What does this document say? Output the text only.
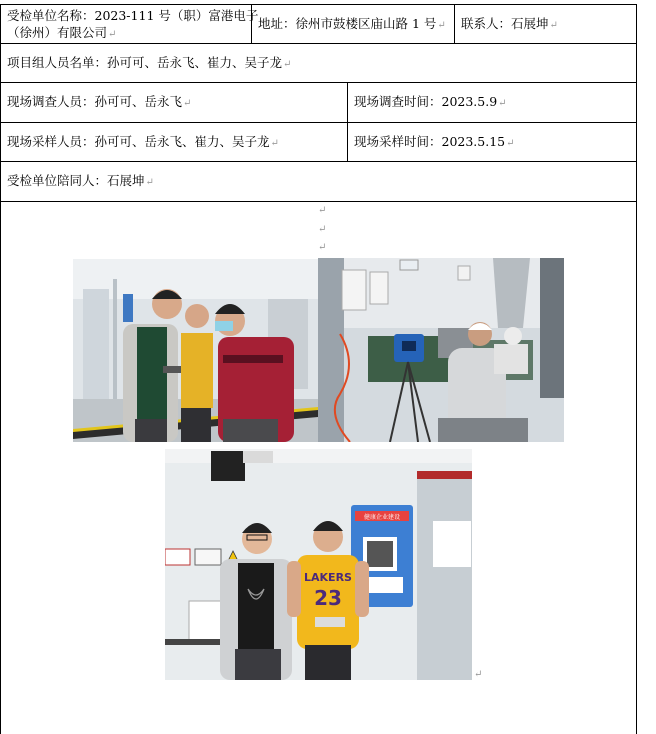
受检单位名称：2023-111 号（职）富港电子
（徐州）有限公司↵
地址：徐州市鼓楼区庙山路 1 号↵ 联系人：石展坤↵
项目组人员名单：孙可可、岳永飞、崔力、吴子龙↵
现场调查人员：孙可可、岳永飞↵	现场调查时间：2023.5.9↵
现场采样人员：孙可可、岳永飞、崔力、吴子龙↵	现场采样时间：2023.5.15↵
受检单位陪同人：石展坤↵
↵
↵
↵
健康企业建设
LAKERS
23
↵
